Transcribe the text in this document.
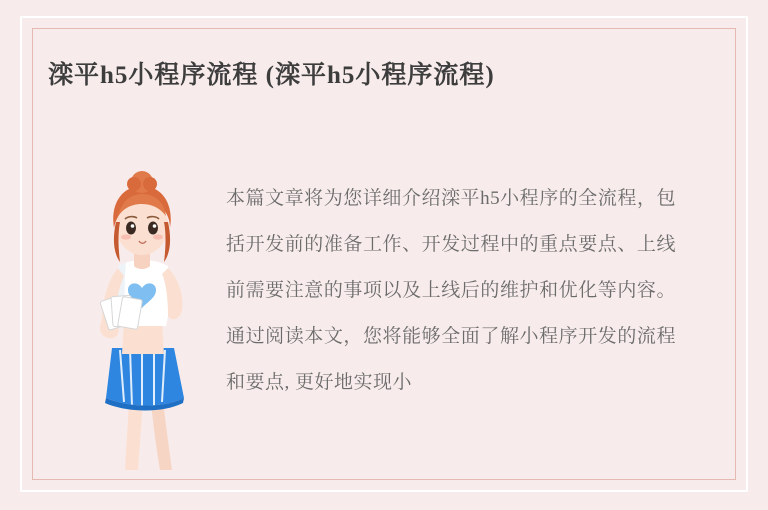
滦平h5小程序流程 (滦平h5小程序流程)
本篇文章将为您详细介绍滦平h5小程序的全流程，包括开发前的准备工作、开发过程中的重点要点、上线前需要注意的事项以及上线后的维护和优化等内容。通过阅读本文，您将能够全面了解小程序开发的流程和要点, 更好地实现小
